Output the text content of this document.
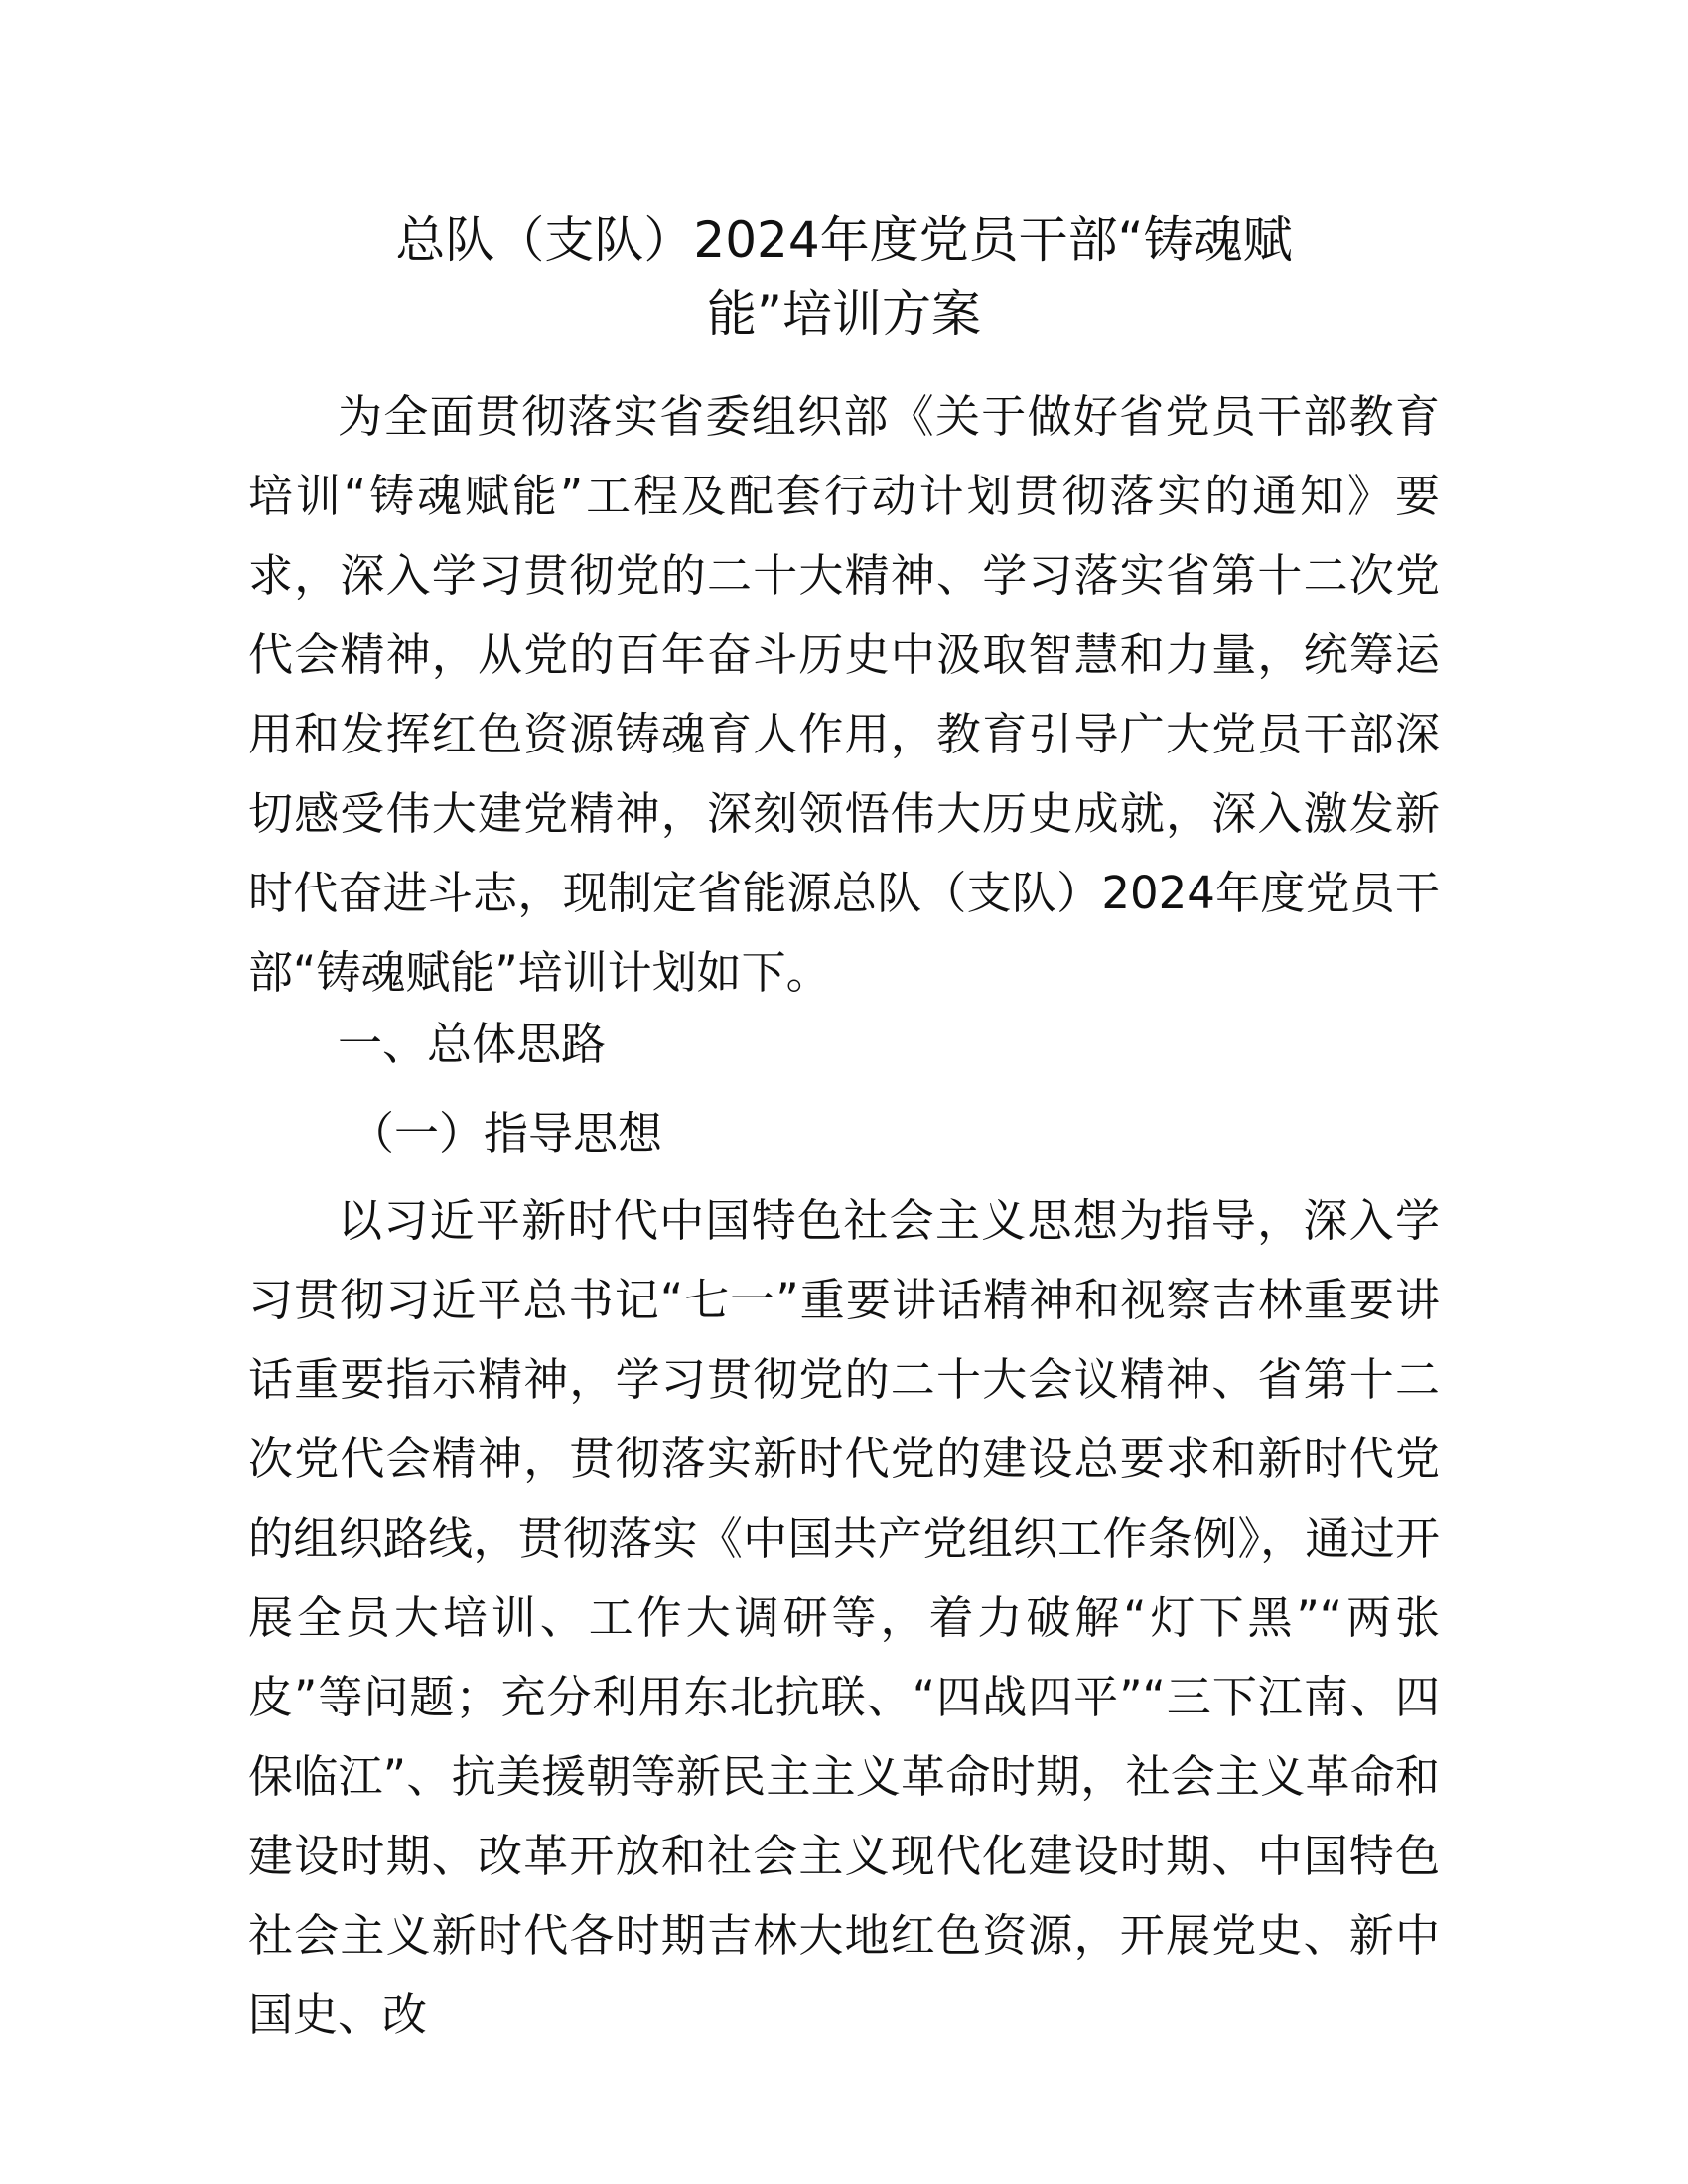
总队（支队）2024年度党员干部“铸魂赋
能”培训方案

为全面贯彻落实省委组织部《关于做好省党员干部教育培训“铸魂赋能”工程及配套行动计划贯彻落实的通知》要求，深入学习贯彻党的二十大精神、学习落实省第十二次党代会精神，从党的百年奋斗历史中汲取智慧和力量，统筹运用和发挥红色资源铸魂育人作用，教育引导广大党员干部深切感受伟大建党精神，深刻领悟伟大历史成就，深入激发新时代奋进斗志，现制定省能源总队（支队）2024年度党员干部“铸魂赋能”培训计划如下。

一、总体思路
（一）指导思想

以习近平新时代中国特色社会主义思想为指导，深入学习贯彻习近平总书记“七一”重要讲话精神和视察吉林重要讲话重要指示精神，学习贯彻党的二十大会议精神、省第十二次党代会精神，贯彻落实新时代党的建设总要求和新时代党的组织路线，贯彻落实《中国共产党组织工作条例》，通过开展全员大培训、工作大调研等，着力破解“灯下黑”“两张皮”等问题；充分利用东北抗联、“四战四平”“三下江南、四保临江”、抗美援朝等新民主主义革命时期，社会主义革命和建设时期、改革开放和社会主义现代化建设时期、中国特色社会主义新时代各时期吉林大地红色资源，开展党史、新中国史、改
